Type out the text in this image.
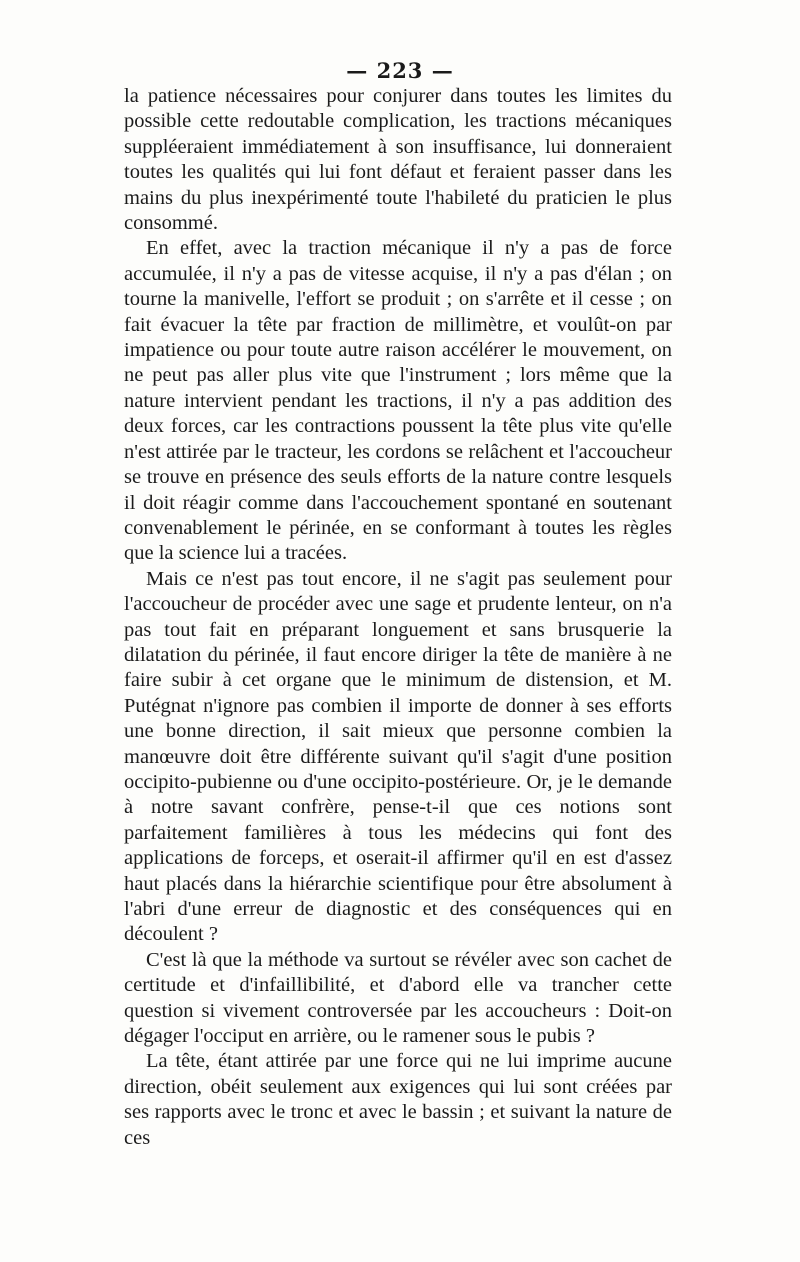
— 223 —

la patience nécessaires pour conjurer dans toutes les limites du possible cette redoutable complication, les tractions mécaniques suppléeraient immédiatement à son insuffisance, lui donneraient toutes les qualités qui lui font défaut et feraient passer dans les mains du plus inexpérimenté toute l'habileté du praticien le plus consommé.

En effet, avec la traction mécanique il n'y a pas de force accumulée, il n'y a pas de vitesse acquise, il n'y a pas d'élan ; on tourne la manivelle, l'effort se produit ; on s'arrête et il cesse ; on fait évacuer la tête par fraction de millimètre, et voulût-on par impatience ou pour toute autre raison accélérer le mouvement, on ne peut pas aller plus vite que l'instrument ; lors même que la nature intervient pendant les tractions, il n'y a pas addition des deux forces, car les contractions poussent la tête plus vite qu'elle n'est attirée par le tracteur, les cordons se relâchent et l'accoucheur se trouve en présence des seuls efforts de la nature contre lesquels il doit réagir comme dans l'accouchement spontané en soutenant convenablement le périnée, en se conformant à toutes les règles que la science lui a tracées.

Mais ce n'est pas tout encore, il ne s'agit pas seulement pour l'accoucheur de procéder avec une sage et prudente lenteur, on n'a pas tout fait en préparant longuement et sans brusquerie la dilatation du périnée, il faut encore diriger la tête de manière à ne faire subir à cet organe que le minimum de distension, et M. Putégnat n'ignore pas combien il importe de donner à ses efforts une bonne direction, il sait mieux que personne combien la manœuvre doit être différente suivant qu'il s'agit d'une position occipito-pubienne ou d'une occipito-postérieure. Or, je le demande à notre savant confrère, pense-t-il que ces notions sont parfaitement familières à tous les médecins qui font des applications de forceps, et oserait-il affirmer qu'il en est d'assez haut placés dans la hiérarchie scientifique pour être absolument à l'abri d'une erreur de diagnostic et des conséquences qui en découlent ?

C'est là que la méthode va surtout se révéler avec son cachet de certitude et d'infaillibilité, et d'abord elle va trancher cette question si vivement controversée par les accoucheurs : Doit-on dégager l'occiput en arrière, ou le ramener sous le pubis ?

La tête, étant attirée par une force qui ne lui imprime aucune direction, obéit seulement aux exigences qui lui sont créées par ses rapports avec le tronc et avec le bassin ; et suivant la nature de ces
